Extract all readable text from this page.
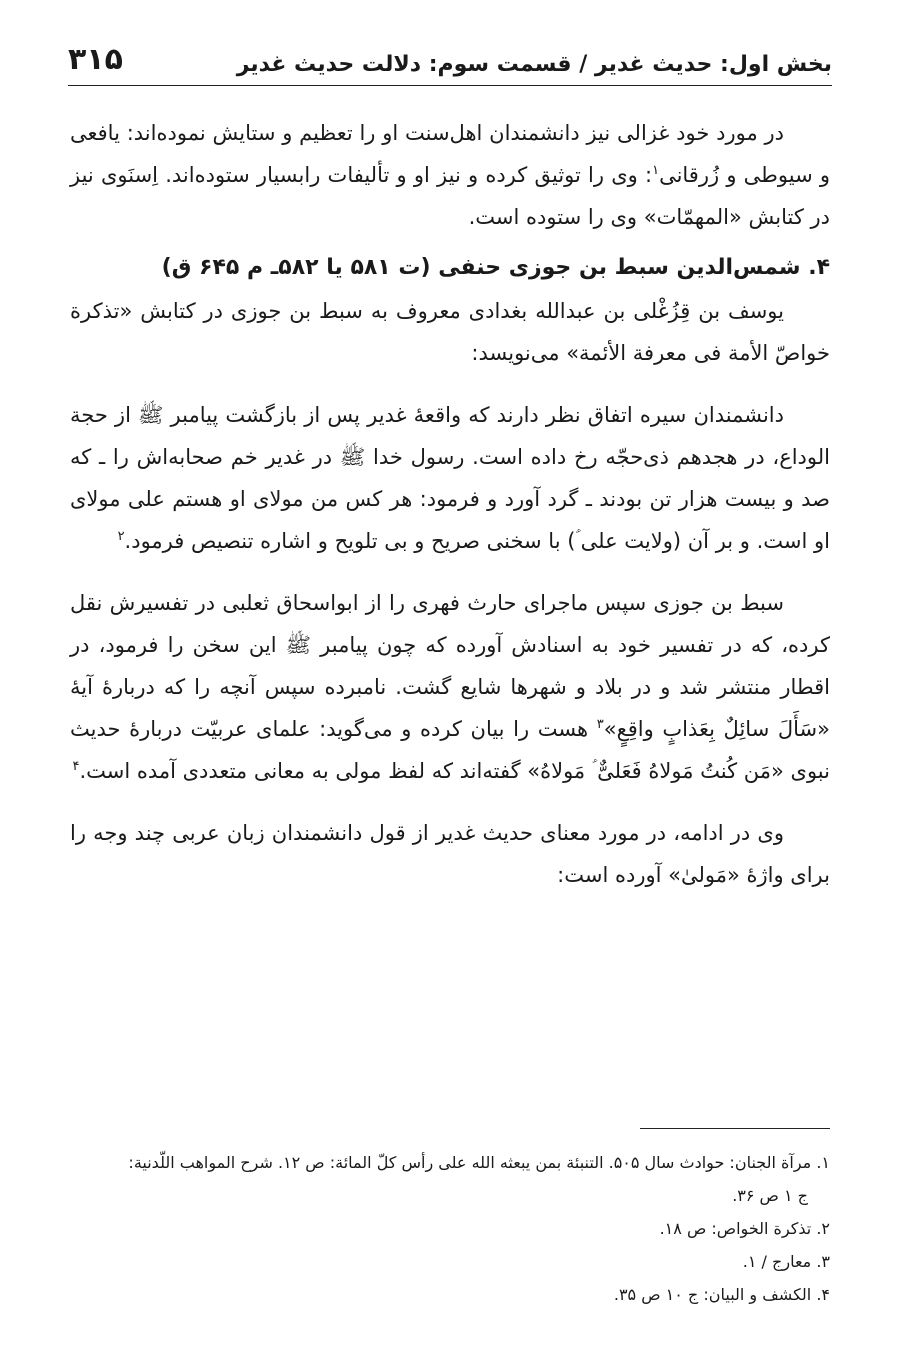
بخش اول: حدیث غدیر / قسمت سوم: دلالت حدیث غدیر
۳۱۵

در مورد خود غزالی نیز دانشمندان اهل‌سنت او را تعظیم و ستایش نموده‌اند: یافعی و سیوطی و زُرقانی$^۱$: وی را توثیق کرده و نیز او و تألیفات رابسیار ستوده‌اند. اِسنَوی نیز در کتابش «المهمّات» وی را ستوده است.

۴. شمس‌الدین سبط بن جوزی حنفی (ت ۵۸۱ یا ۵۸۲ـ م ۶۴۵ ق)

یوسف بن قِزُغْلی بن عبدالله بغدادی معروف به سبط بن جوزی در کتابش «تذکرة خواصّ الأمة فی معرفة الأئمة» می‌نویسد:

دانشمندان سیره اتفاق نظر دارند که واقعهٔ غدیر پس از بازگشت پیامبر ﷺ از حجة الوداع، در هجدهم ذی‌حجّه رخ داده است. رسول خدا ﷺ در غدیر خم صحابه‌اش را ـ که صد و بیست هزار تن بودند ـ گرد آورد و فرمود: هر کس من مولای او هستم علی مولای او است. و بر آن (ولایت علی ؑ) با سخنی صریح و بی تلویح و اشاره تنصیص فرمود.$^۲$

سبط بن جوزی سپس ماجرای حارث فهری را از ابواسحاق ثعلبی در تفسیرش نقل کرده، که در تفسیر خود به اسنادش آورده که چون پیامبر ﷺ این سخن را فرمود، در اقطار منتشر شد و در بلاد و شهرها شایع گشت. نامبرده سپس آنچه را که دربارهٔ آیهٔ «سَأَلَ سائِلٌ بِعَذابٍ واقِعٍ»$^۳$ هست را بیان کرده و می‌گوید: علمای عربیّت دربارهٔ حدیث نبوی «مَن کُنتُ مَولاهُ فَعَلیٌّ ؑ مَولاهُ» گفته‌اند که لفظ مولی به معانی متعددی آمده است.$^۴$

وی در ادامه، در مورد معنای حدیث غدیر از قول دانشمندان زبان عربی چند وجه را برای واژهٔ «مَولیٰ» آورده است:

۱. مرآة الجنان: حوادث سال ۵۰۵. التنبئة بمن یبعثه الله علی رأس کلّ المائة: ص ۱۲. شرح المواهب اللّدنیة:
ج ۱ ص ۳۶.

۲. تذکرة الخواص: ص ۱۸.

۳. معارج / ۱.

۴. الکشف و البیان: ج ۱۰ ص ۳۵.
